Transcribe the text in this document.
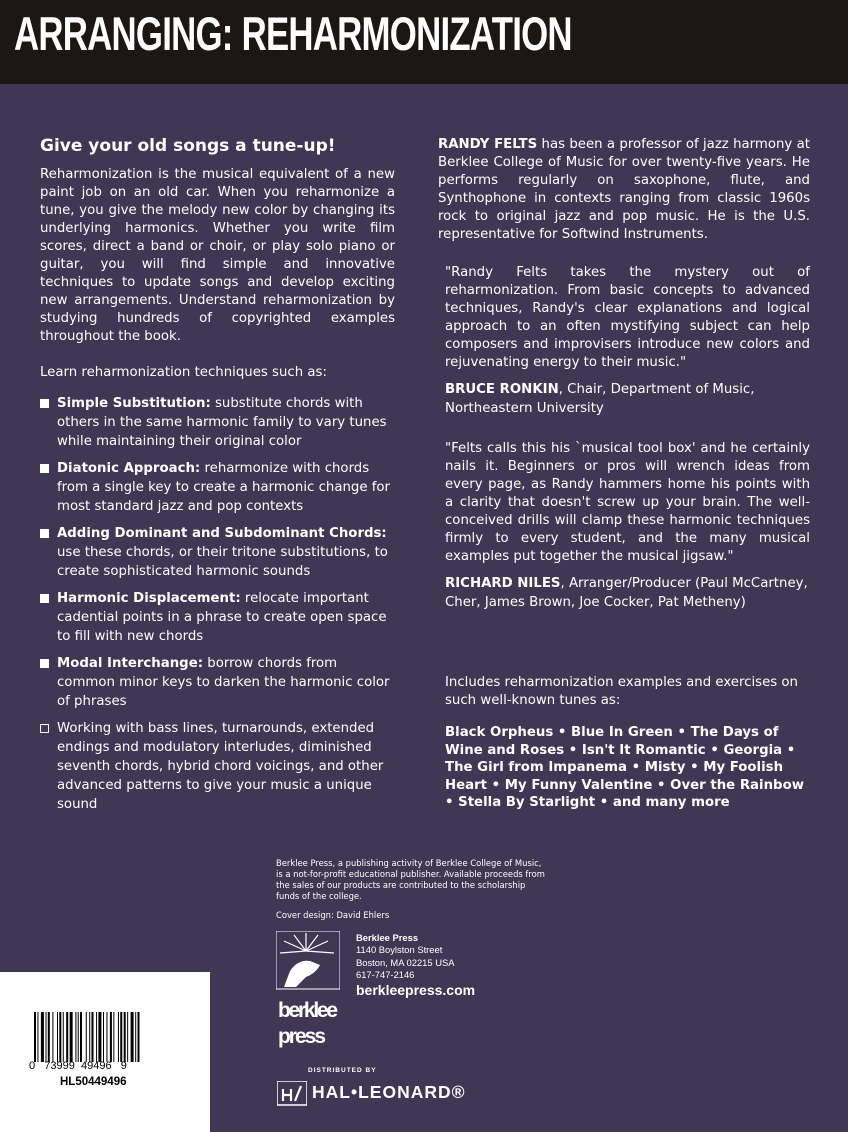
ARRANGING: REHARMONIZATION

Give your old songs a tune-up!

Reharmonization is the musical equivalent of a new paint job on an old car. When you reharmonize a tune, you give the melody new color by changing its underlying harmonics. Whether you write film scores, direct a band or choir, or play solo piano or guitar, you will find simple and innovative techniques to update songs and develop exciting new arrangements. Understand reharmonization by studying hundreds of copyrighted examples throughout the book.

Learn reharmonization techniques such as:

Simple Substitution: substitute chords with others in the same harmonic family to vary tunes while maintaining their original color
Diatonic Approach: reharmonize with chords from a single key to create a harmonic change for most standard jazz and pop contexts
Adding Dominant and Subdominant Chords: use these chords, or their tritone substitutions, to create sophisticated harmonic sounds
Harmonic Displacement: relocate important cadential points in a phrase to create open space to fill with new chords
Modal Interchange: borrow chords from common minor keys to darken the harmonic color of phrases
Working with bass lines, turnarounds, extended endings and modulatory interludes, diminished seventh chords, hybrid chord voicings, and other advanced patterns to give your music a unique sound

RANDY FELTS has been a professor of jazz harmony at Berklee College of Music for over twenty-five years. He performs regularly on saxophone, flute, and Synthophone in contexts ranging from classic 1960s rock to original jazz and pop music. He is the U.S. representative for Softwind Instruments.

"Randy Felts takes the mystery out of reharmonization. From basic concepts to advanced techniques, Randy's clear explanations and logical approach to an often mystifying subject can help composers and improvisers introduce new colors and rejuvenating energy to their music."

BRUCE RONKIN, Chair, Department of Music, Northeastern University

"Felts calls this his `musical tool box' and he certainly nails it. Beginners or pros will wrench ideas from every page, as Randy hammers home his points with a clarity that doesn't screw up your brain. The well-conceived drills will clamp these harmonic techniques firmly to every student, and the many musical examples put together the musical jigsaw."

RICHARD NILES, Arranger/Producer (Paul McCartney, Cher, James Brown, Joe Cocker, Pat Metheny)

Includes reharmonization examples and exercises on such well-known tunes as:

Black Orpheus • Blue In Green • The Days of Wine and Roses • Isn't It Romantic • Georgia • The Girl from Impanema • Misty • My Foolish Heart • My Funny Valentine • Over the Rainbow • Stella By Starlight • and many more

Berklee Press, a publishing activity of Berklee College of Music, is a not-for-profit educational publisher. Available proceeds from the sales of our products are contributed to the scholarship funds of the college.
Cover design: David Ehlers
berklee
press
Berklee Press
1140 Boylston Street
Boston, MA 02215 USA
617-747-2146
berkleepress.com
DISTRIBUTED BY
HAL•LEONARD®
0   73999  49496   9
HL50449496
